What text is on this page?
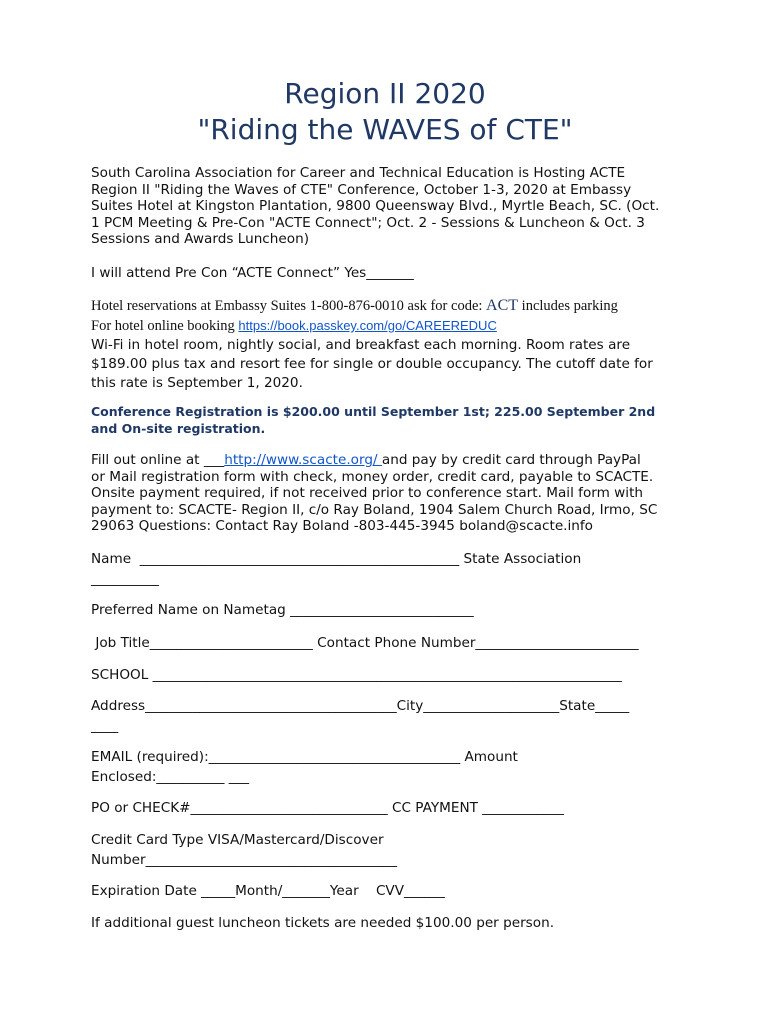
Region II 2020
"Riding the WAVES of CTE"
South Carolina Association for Career and Technical Education is Hosting ACTE
Region II "Riding the Waves of CTE" Conference, October 1-3, 2020 at Embassy
Suites Hotel at Kingston Plantation, 9800 Queensway Blvd., Myrtle Beach, SC. (Oct.
1 PCM Meeting & Pre-Con "ACTE Connect"; Oct. 2 - Sessions & Luncheon & Oct. 3
Sessions and Awards Luncheon)
I will attend Pre Con “ACTE Connect” Yes_______
Hotel reservations at Embassy Suites 1-800-876-0010 ask for code: ACT includes parking
For hotel online booking https://book.passkey.com/go/CAREEREDUC
Wi-Fi in hotel room, nightly social, and breakfast each morning. Room rates are
$189.00 plus tax and resort fee for single or double occupancy. The cutoff date for
this rate is September 1, 2020.
Conference Registration is $200.00 until September 1st; 225.00 September 2nd
and On-site registration.
Fill out online at ___http://www.scacte.org/ and pay by credit card through PayPal
or Mail registration form with check, money order, credit card, payable to SCACTE.
Onsite payment required, if not received prior to conference start. Mail form with
payment to: SCACTE- Region II, c/o Ray Boland, 1904 Salem Church Road, Irmo, SC
29063 Questions: Contact Ray Boland -803-445-3945 boland@scacte.info
Name  _______________________________________________ State Association
__________
Preferred Name on Nametag ___________________________
Job Title________________________ Contact Phone Number________________________
SCHOOL _____________________________________________________________________
Address_____________________________________City____________________State_____
____
EMAIL (required):_____________________________________ Amount
Enclosed:__________ ___
PO or CHECK#_____________________________ CC PAYMENT ____________
Credit Card Type VISA/Mastercard/Discover
Number_____________________________________
Expiration Date _____Month/_______Year    CVV______
If additional guest luncheon tickets are needed $100.00 per person.
